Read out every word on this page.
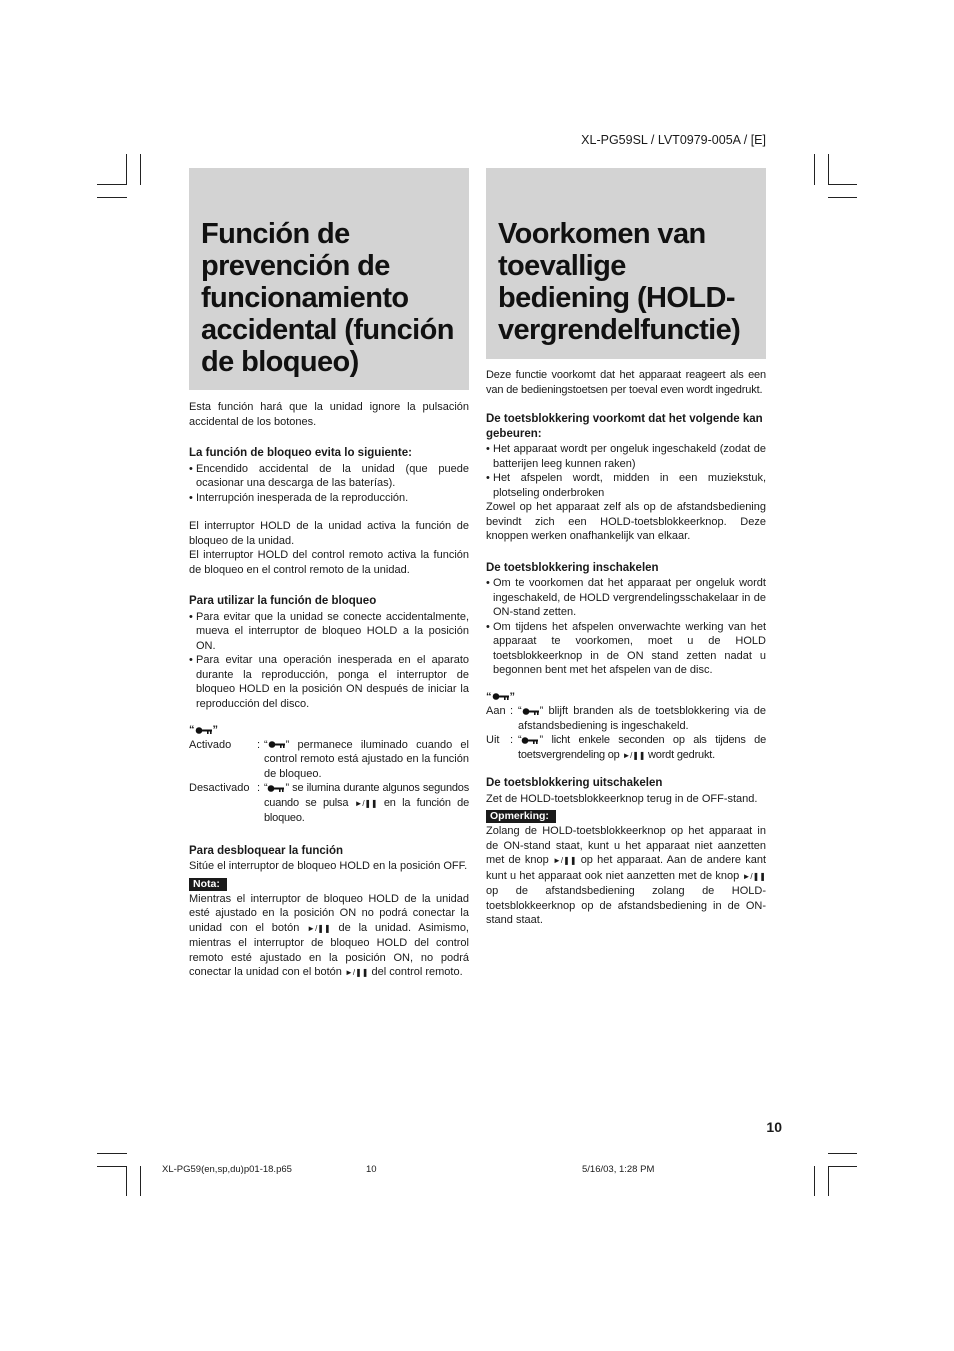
XL-PG59SL / LVT0979-005A / [E]
Función de prevención de funcionamiento accidental (función de bloqueo)
Voorkomen van toevallige bediening (HOLD-vergrendelfunctie)

Esta función hará que la unidad ignore la pulsación accidental de los botones.

La función de bloqueo evita lo siguiente:

• Encendido accidental de la unidad (que puede ocasionar una descarga de las baterías).
• Interrupción inesperada de la reproducción.

El interruptor HOLD de la unidad activa la función de bloqueo de la unidad.

El interruptor HOLD del control remoto activa la función de bloqueo en el control remoto de la unidad.

Para utilizar la función de bloqueo

• Para evitar que la unidad se conecte accidentalmente, mueva el interruptor de bloqueo HOLD a la posición ON.
• Para evitar una operación inesperada en el aparato durante la reproducción, ponga el interruptor de bloqueo HOLD en la posición ON después de iniciar la reproducción del disco.

“ ”

Activado	: “ ” permanece iluminado cuando el control remoto está ajustado en la función de bloqueo.
Desactivado : “ ” se ilumina durante algunos segundos cuando se pulsa ►/❚❚ en la función de bloqueo.

Para desbloquear la función

Sitúe el interruptor de bloqueo HOLD en la posición OFF.

Nota:

Mientras el interruptor de bloqueo HOLD de la unidad esté ajustado en la posición ON no podrá conectar la unidad con el botón ►/❚❚ de la unidad. Asimismo, mientras el interruptor de bloqueo HOLD del control remoto esté ajustado en la posición ON, no podrá conectar la unidad con el botón ►/❚❚ del control remoto.

Deze functie voorkomt dat het apparaat reageert als een van de bedieningstoetsen per toeval even wordt ingedrukt.

De toetsblokkering voorkomt dat het volgende kan gebeuren:

• Het apparaat wordt per ongeluk ingeschakeld (zodat de batterijen leeg kunnen raken)
• Het afspelen wordt, midden in een muziekstuk, plotseling onderbroken

Zowel op het apparaat zelf als op de afstandsbediening bevindt zich een HOLD-toetsblokkeerknop. Deze knoppen werken onafhankelijk van elkaar.

De toetsblokkering inschakelen

• Om te voorkomen dat het apparaat per ongeluk wordt ingeschakeld, de HOLD vergrendelingsschakelaar in de ON-stand zetten.
• Om tijdens het afspelen onverwachte werking van het apparaat te voorkomen, moet u de HOLD toetsblokkeerknop in de ON stand zetten nadat u begonnen bent met het afspelen van de disc.

“ ”

Aan : “ ” blijft branden als de toetsblokkering via de afstandsbediening is ingeschakeld.
Uit : “ ” licht enkele seconden op als tijdens de toetsvergrendeling op ►/❚❚ wordt gedrukt.

De toetsblokkering uitschakelen

Zet de HOLD-toetsblokkeerknop terug in de OFF-stand.

Opmerking:

Zolang de HOLD-toetsblokkeerknop op het apparaat in de ON-stand staat, kunt u het apparaat niet aanzetten met de knop ►/❚❚ op het apparaat. Aan de andere kant kunt u het apparaat ook niet aanzetten met de knop ►/❚❚ op de afstandsbediening zolang de HOLD-toetsblokkeerknop op de afstandsbediening in de ON-stand staat.

10
XL-PG59(en,sp,du)p01-18.p65	10	5/16/03, 1:28 PM
